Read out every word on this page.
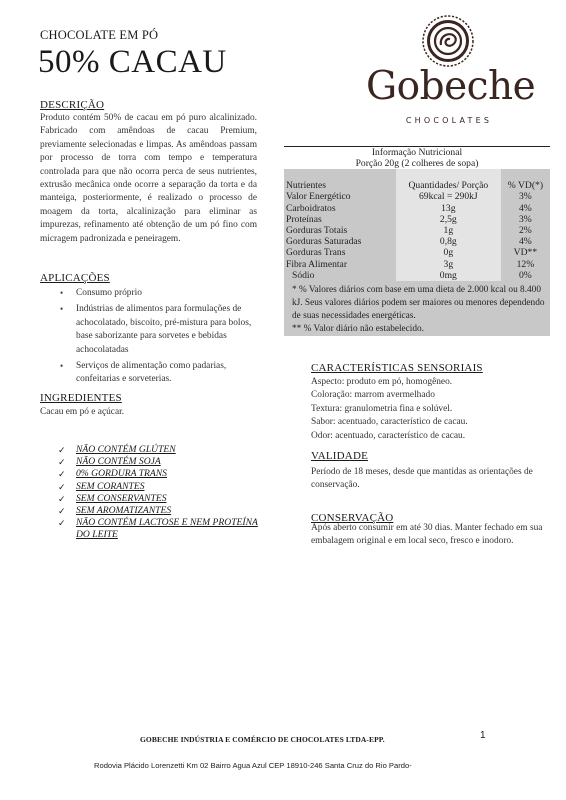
CHOCOLATE EM PÓ
50% CACAU
Gobeche
CHOCOLATES
DESCRIÇÃO
Produto contém 50% de cacau em pó puro alcalinizado. Fabricado com amêndoas de cacau Premium, previamente selecionadas e limpas. As amêndoas passam por processo de torra com tempo e temperatura controlada para que não ocorra perca de seus nutrientes, extrusão mecânica onde ocorre a separação da torta e da manteiga, posteriormente, é realizado o processo de moagem da torta, alcalinização para eliminar as impurezas, refinamento até obtenção de um pó fino com micragem padronizada e peneiragem.
APLICAÇÕES
• Consumo próprio
• Indústrias de alimentos para formulações de achocolatado, biscoito, pré-mistura para bolos, base saborizante para sorvetes e bebidas achocolatadas
• Serviços de alimentação como padarias, confeitarias e sorveterias.
INGREDIENTES
Cacau em pó e açúcar.
✓ NÃO CONTÉM GLÚTEN
✓ NÃO CONTÉM SOJA
✓ 0% GORDURA TRANS
✓ SEM CORANTES
✓ SEM CONSERVANTES
✓ SEM AROMATIZANTES
✓ NÃO CONTÉM LACTOSE E NEM PROTEÍNA DO LEITE
Informação Nutricional		
Porção 20g (2 colheres de sopa)		
Nutrientes	Quantidades/ Porção	% VD(*)
Valor Energético	69kcal = 290kJ	3%
Carboidratos	13g	4%
Proteínas	2,5g	3%
Gorduras Totais	1g	2%
Gorduras Saturadas	0,8g	4%
Gorduras Trans	0g	VD**
Fibra Alimentar	3g	12%
Sódio	0mg	0%
* % Valores diários com base em uma dieta de 2.000 kcal ou 8.400 kJ. Seus valores diários podem ser maiores ou menores dependendo de suas necessidades energéticas.
** % Valor diário não estabelecido.		
CARACTERÍSTICAS SENSORIAIS
Aspecto: produto em pó, homogêneo.
Coloração: marrom avermelhado
Textura: granulometria fina e solúvel.
Sabor: acentuado, característico de cacau.
Odor: acentuado, característico de cacau.
VALIDADE
Período de 18 meses, desde que mantidas as orientações de conservação.
CONSERVAÇÃO
Após aberto consumir em até 30 dias. Manter fechado em sua embalagem original e em local seco, fresco e inodoro.
1
GOBECHE INDÚSTRIA E COMÉRCIO DE CHOCOLATES LTDA-EPP.
Rodovia Plácido Lorenzetti Km 02 Bairro Agua Azul CEP 18910-246 Santa Cruz do Rio Pardo-
